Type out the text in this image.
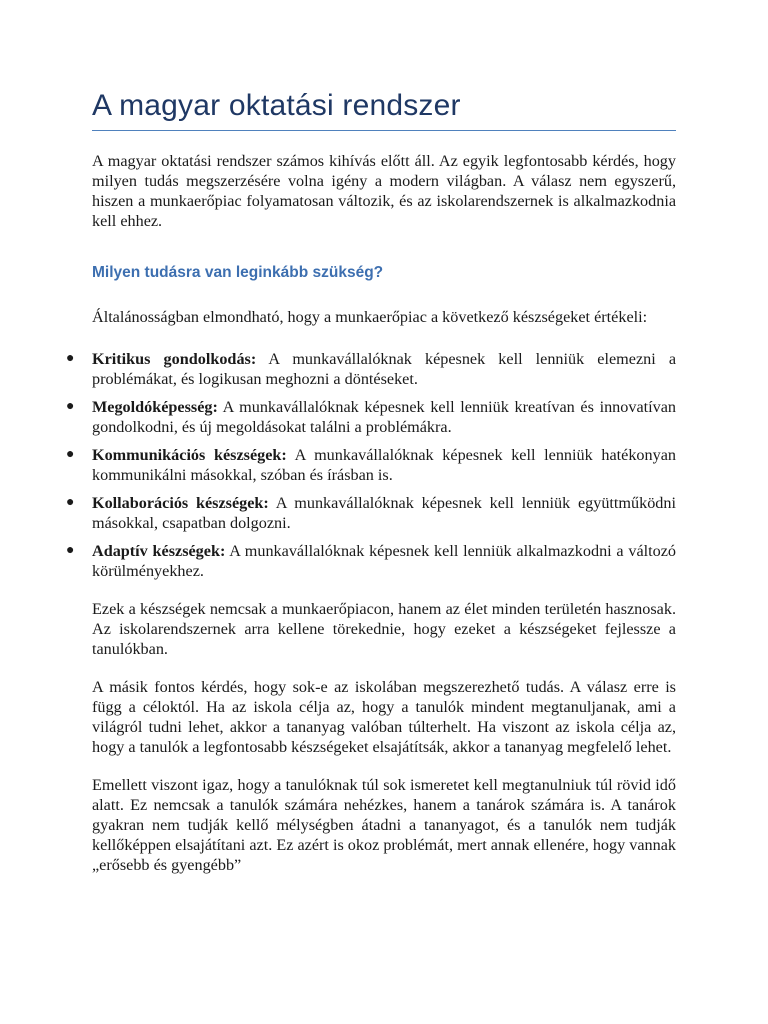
A magyar oktatási rendszer

A magyar oktatási rendszer számos kihívás előtt áll. Az egyik legfontosabb kérdés, hogy milyen tudás megszerzésére volna igény a modern világban. A válasz nem egyszerű, hiszen a munkaerőpiac folyamatosan változik, és az iskolarendszernek is alkalmazkodnia kell ehhez.

Milyen tudásra van leginkább szükség?

Általánosságban elmondható, hogy a munkaerőpiac a következő készségeket értékeli:

● Kritikus gondolkodás: A munkavállalóknak képesnek kell lenniük elemezni a problémákat, és logikusan meghozni a döntéseket.
● Megoldóképesség: A munkavállalóknak képesnek kell lenniük kreatívan és innovatívan gondolkodni, és új megoldásokat találni a problémákra.
● Kommunikációs készségek: A munkavállalóknak képesnek kell lenniük hatékonyan kommunikálni másokkal, szóban és írásban is.
● Kollaborációs készségek: A munkavállalóknak képesnek kell lenniük együttműködni másokkal, csapatban dolgozni.
● Adaptív készségek: A munkavállalóknak képesnek kell lenniük alkalmazkodni a változó körülményekhez.

Ezek a készségek nemcsak a munkaerőpiacon, hanem az élet minden területén hasznosak. Az iskolarendszernek arra kellene törekednie, hogy ezeket a készségeket fejlessze a tanulókban.

A másik fontos kérdés, hogy sok-e az iskolában megszerezhető tudás. A válasz erre is függ a céloktól. Ha az iskola célja az, hogy a tanulók mindent megtanuljanak, ami a világról tudni lehet, akkor a tananyag valóban túlterhelt. Ha viszont az iskola célja az, hogy a tanulók a legfontosabb készségeket elsajátítsák, akkor a tananyag megfelelő lehet.

Emellett viszont igaz, hogy a tanulóknak túl sok ismeretet kell megtanulniuk túl rövid idő alatt. Ez nemcsak a tanulók számára nehézkes, hanem a tanárok számára is. A tanárok gyakran nem tudják kellő mélységben átadni a tananyagot, és a tanulók nem tudják kellőképpen elsajátítani azt. Ez azért is okoz problémát, mert annak ellenére, hogy vannak „erősebb és gyengébb”
